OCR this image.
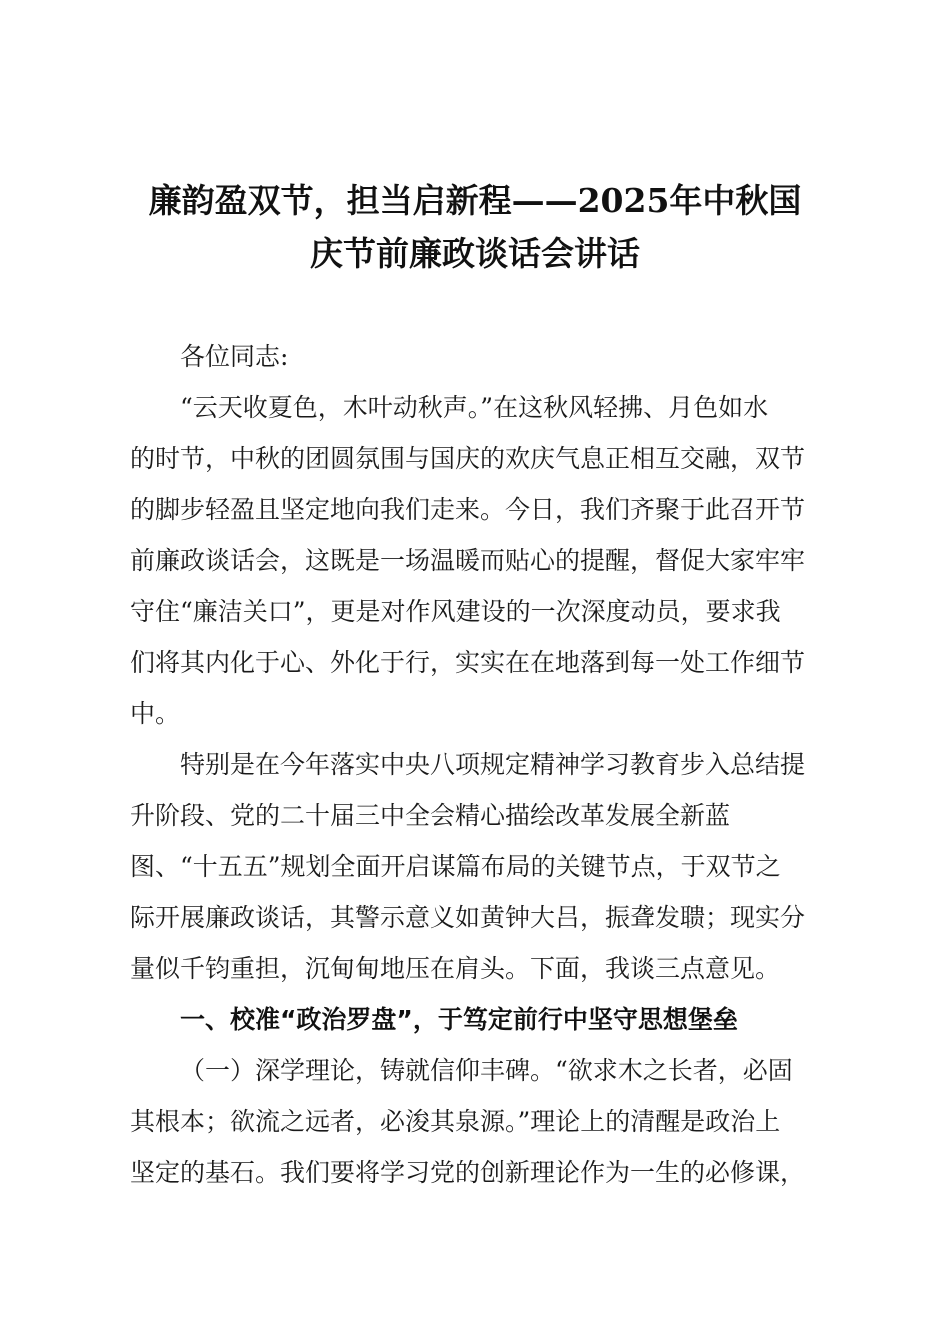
廉韵盈双节，担当启新程——2025年中秋国
庆节前廉政谈话会讲话

各位同志:

“云天收夏色，木叶动秋声。”在这秋风轻拂、月色如水
的时节，中秋的团圆氛围与国庆的欢庆气息正相互交融，双节
的脚步轻盈且坚定地向我们走来。今日，我们齐聚于此召开节
前廉政谈话会，这既是一场温暖而贴心的提醒，督促大家牢牢
守住“廉洁关口”，更是对作风建设的一次深度动员，要求我
们将其内化于心、外化于行，实实在在地落到每一处工作细节
中。
特别是在今年落实中央八项规定精神学习教育步入总结提
升阶段、党的二十届三中全会精心描绘改革发展全新蓝
图、“十五五”规划全面开启谋篇布局的关键节点，于双节之
际开展廉政谈话，其警示意义如黄钟大吕，振聋发聩；现实分
量似千钧重担，沉甸甸地压在肩头。下面，我谈三点意见。

一、校准“政治罗盘”，于笃定前行中坚守思想堡垒

（一）深学理论，铸就信仰丰碑。“欲求木之长者，必固
其根本；欲流之远者，必浚其泉源。”理论上的清醒是政治上
坚定的基石。我们要将学习党的创新理论作为一生的必修课，
